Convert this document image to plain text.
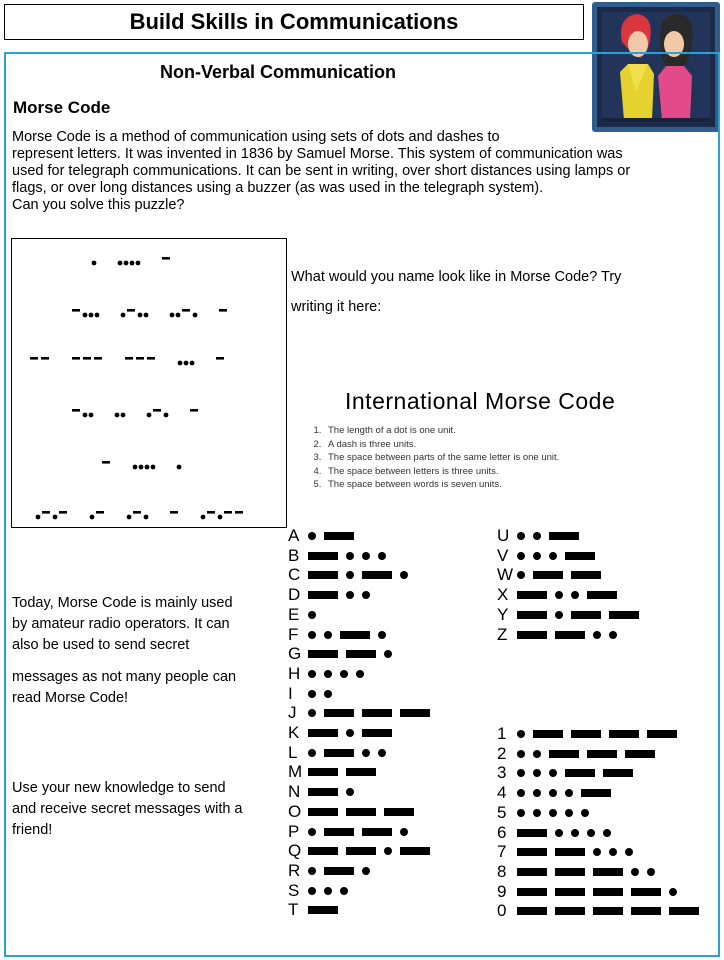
Build Skills in Communications
Non-Verbal Communication
Morse Code

Morse Code is a method of communication using sets of dots and dashes to

represent letters. It was invented in 1836 by Samuel Morse. This system of communication was

used for telegraph communications. It can be sent in writing, over short distances using lamps or

flags, or over long distances using a buzzer (as was used in the telegraph system).

Can you solve this puzzle?

What would you name look like in Morse Code? Try
writing it here:
International Morse Code
1. The length of a dot is one unit.
2. A dash is three units.
3. The space between parts of the same letter is one unit.
4. The space between letters is three units.
5. The space between words is seven units.
A
B
C
D
E
F
G
H
I
J
K
L
M
N
O
P
Q
R
S
T
U
V
W
X
Y
Z
1
2
3
4
5
6
7
8
9
0
Today, Morse Code is mainly used
by amateur radio operators. It can
also be used to send secret
messages as not many people can
read Morse Code!
Use your new knowledge to send
and receive secret messages with a
friend!
